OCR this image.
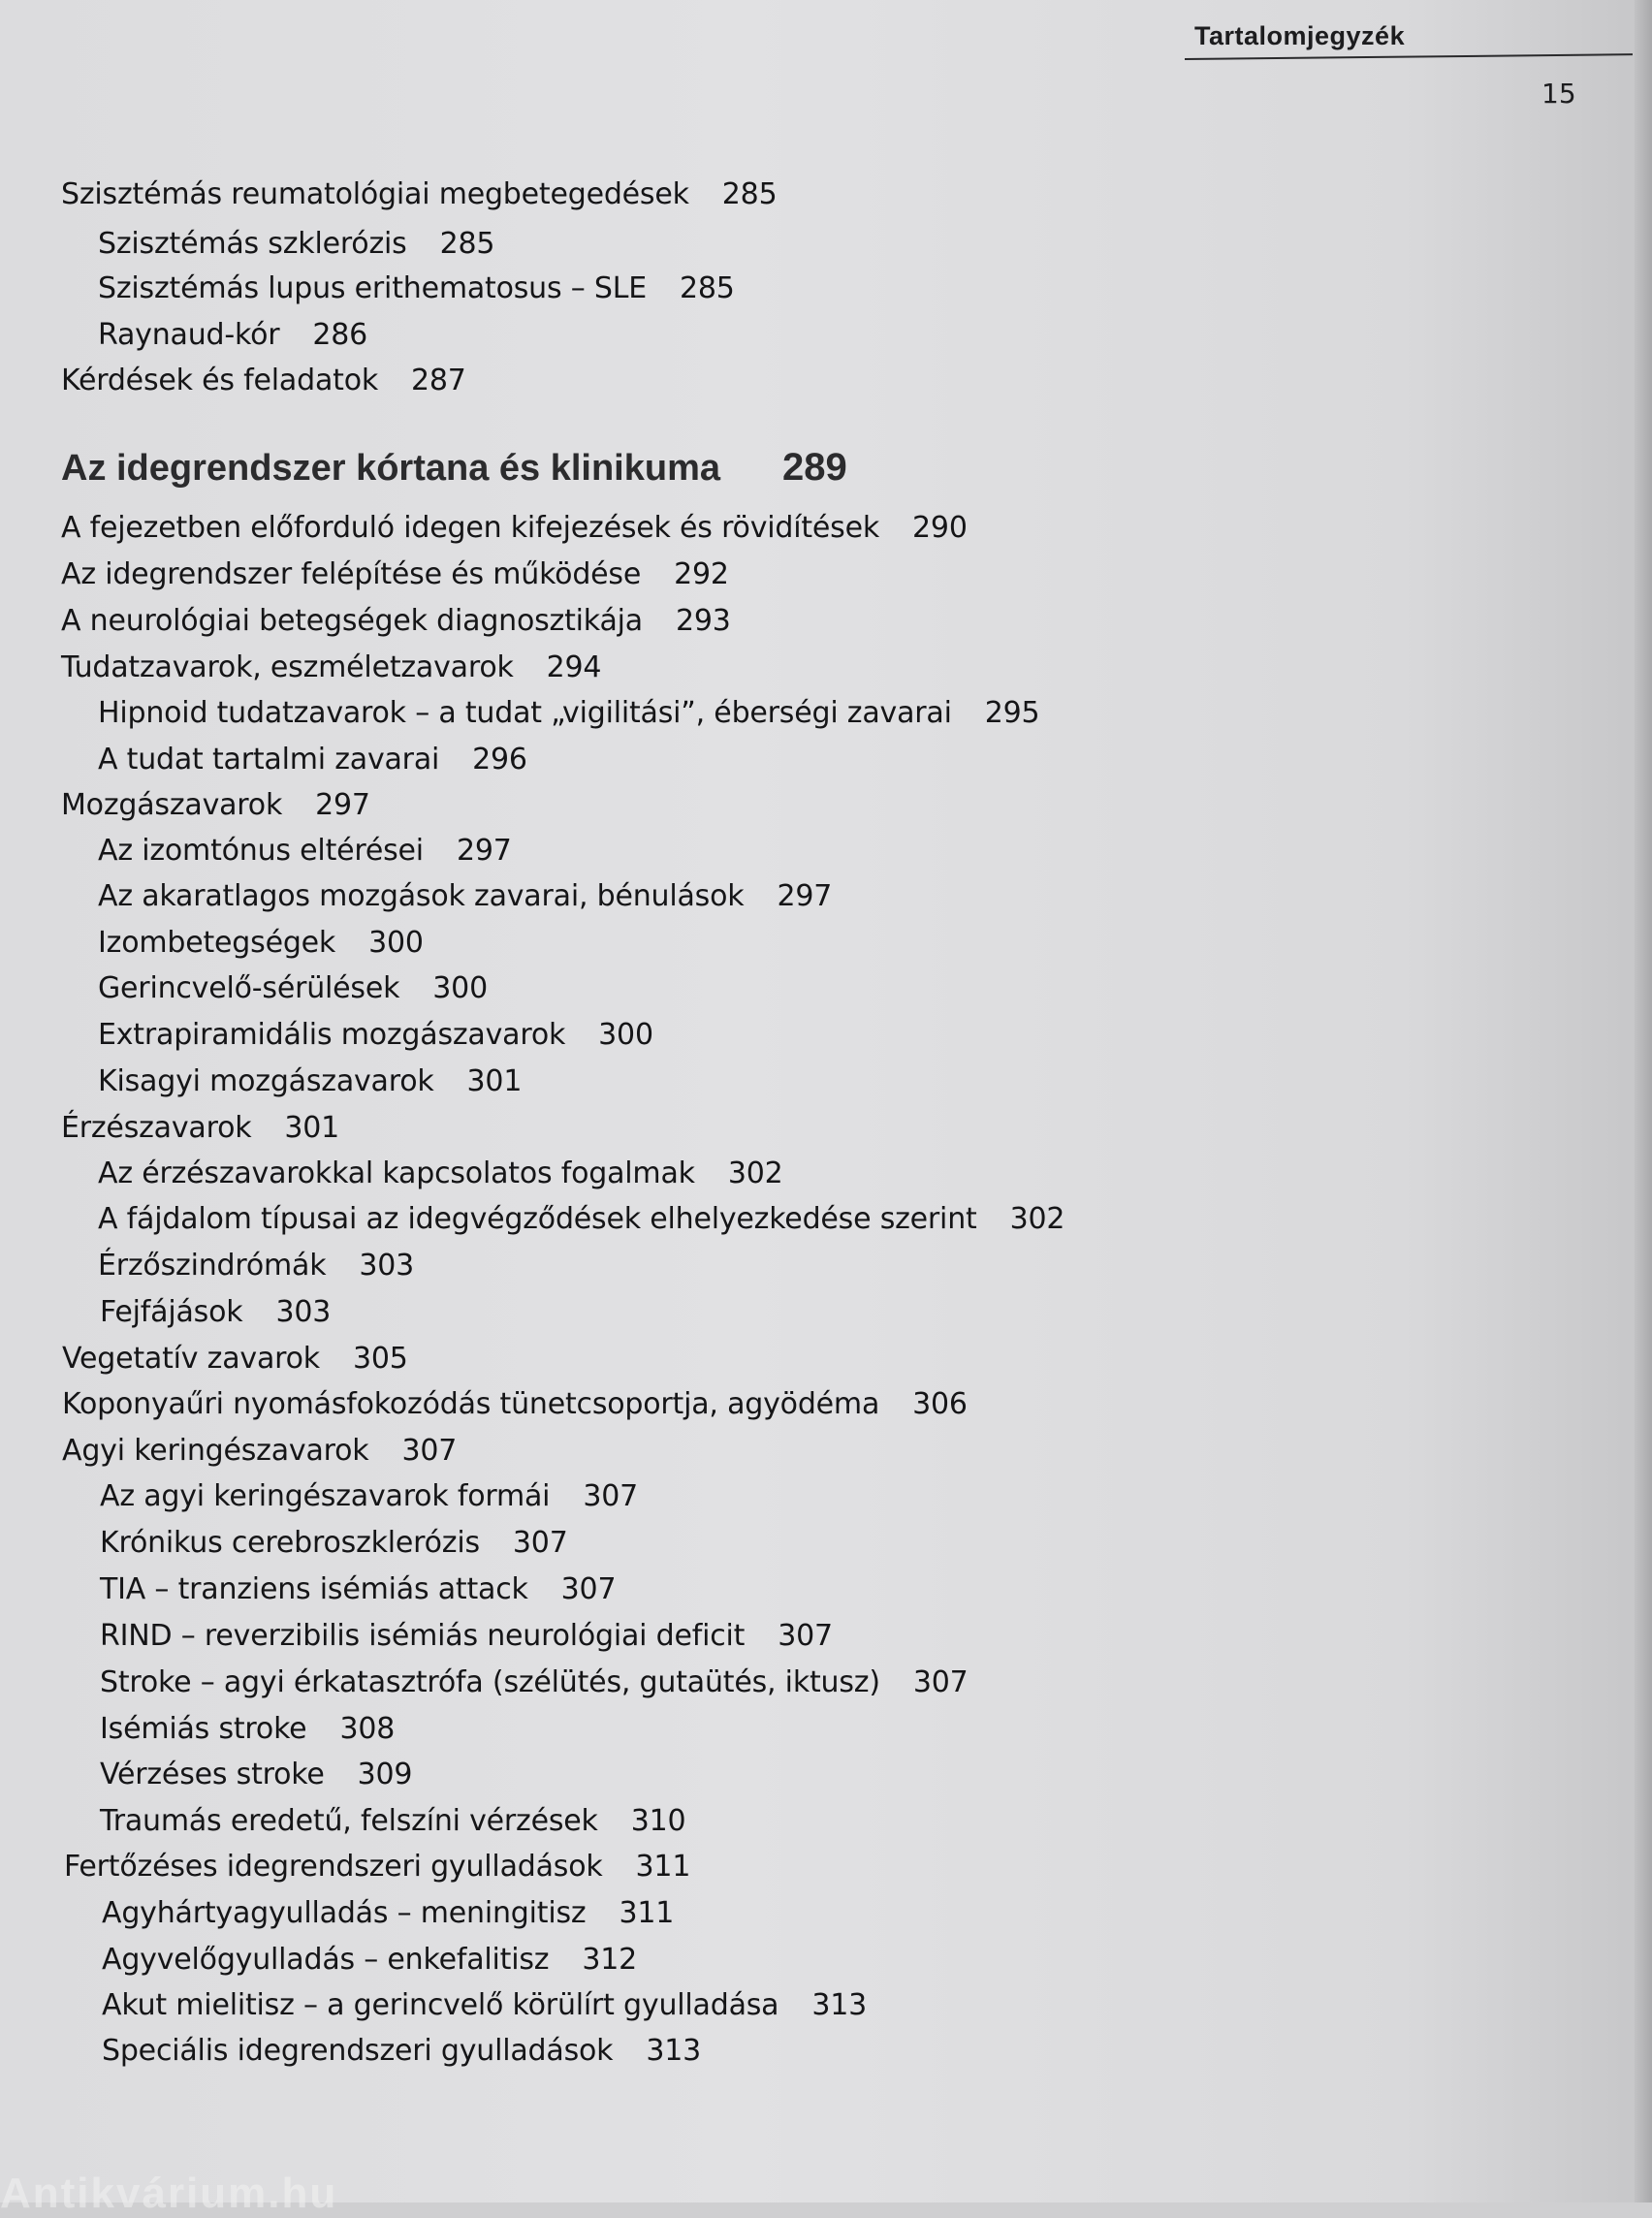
Tartalomjegyzék
15
Szisztémás reumatológiai megbetegedések 285
Szisztémás szklerózis 285
Szisztémás lupus erithematosus – SLE 285
Raynaud-kór 286
Kérdések és feladatok 287
Az idegrendszer kórtana és klinikuma 289
A fejezetben előforduló idegen kifejezések és rövidítések 290
Az idegrendszer felépítése és működése 292
A neurológiai betegségek diagnosztikája 293
Tudatzavarok, eszméletzavarok 294
Hipnoid tudatzavarok – a tudat „vigilitási”, éberségi zavarai 295
A tudat tartalmi zavarai 296
Mozgászavarok 297
Az izomtónus eltérései 297
Az akaratlagos mozgások zavarai, bénulások 297
Izombetegségek 300
Gerincvelő-sérülések 300
Extrapiramidális mozgászavarok 300
Kisagyi mozgászavarok 301
Érzészavarok 301
Az érzészavarokkal kapcsolatos fogalmak 302
A fájdalom típusai az idegvégződések elhelyezkedése szerint 302
Érzőszindrómák 303
Fejfájások 303
Vegetatív zavarok 305
Koponyaűri nyomásfokozódás tünetcsoportja, agyödéma 306
Agyi keringészavarok 307
Az agyi keringészavarok formái 307
Krónikus cerebroszklerózis 307
TIA – tranziens isémiás attack 307
RIND – reverzibilis isémiás neurológiai deficit 307
Stroke – agyi érkatasztrófa (szélütés, gutaütés, iktusz) 307
Isémiás stroke 308
Vérzéses stroke 309
Traumás eredetű, felszíni vérzések 310
Fertőzéses idegrendszeri gyulladások 311
Agyhártyagyulladás – meningitisz 311
Agyvelőgyulladás – enkefalitisz 312
Akut mielitisz – a gerincvelő körülírt gyulladása 313
Speciális idegrendszeri gyulladások 313
Antikvárium.hu
